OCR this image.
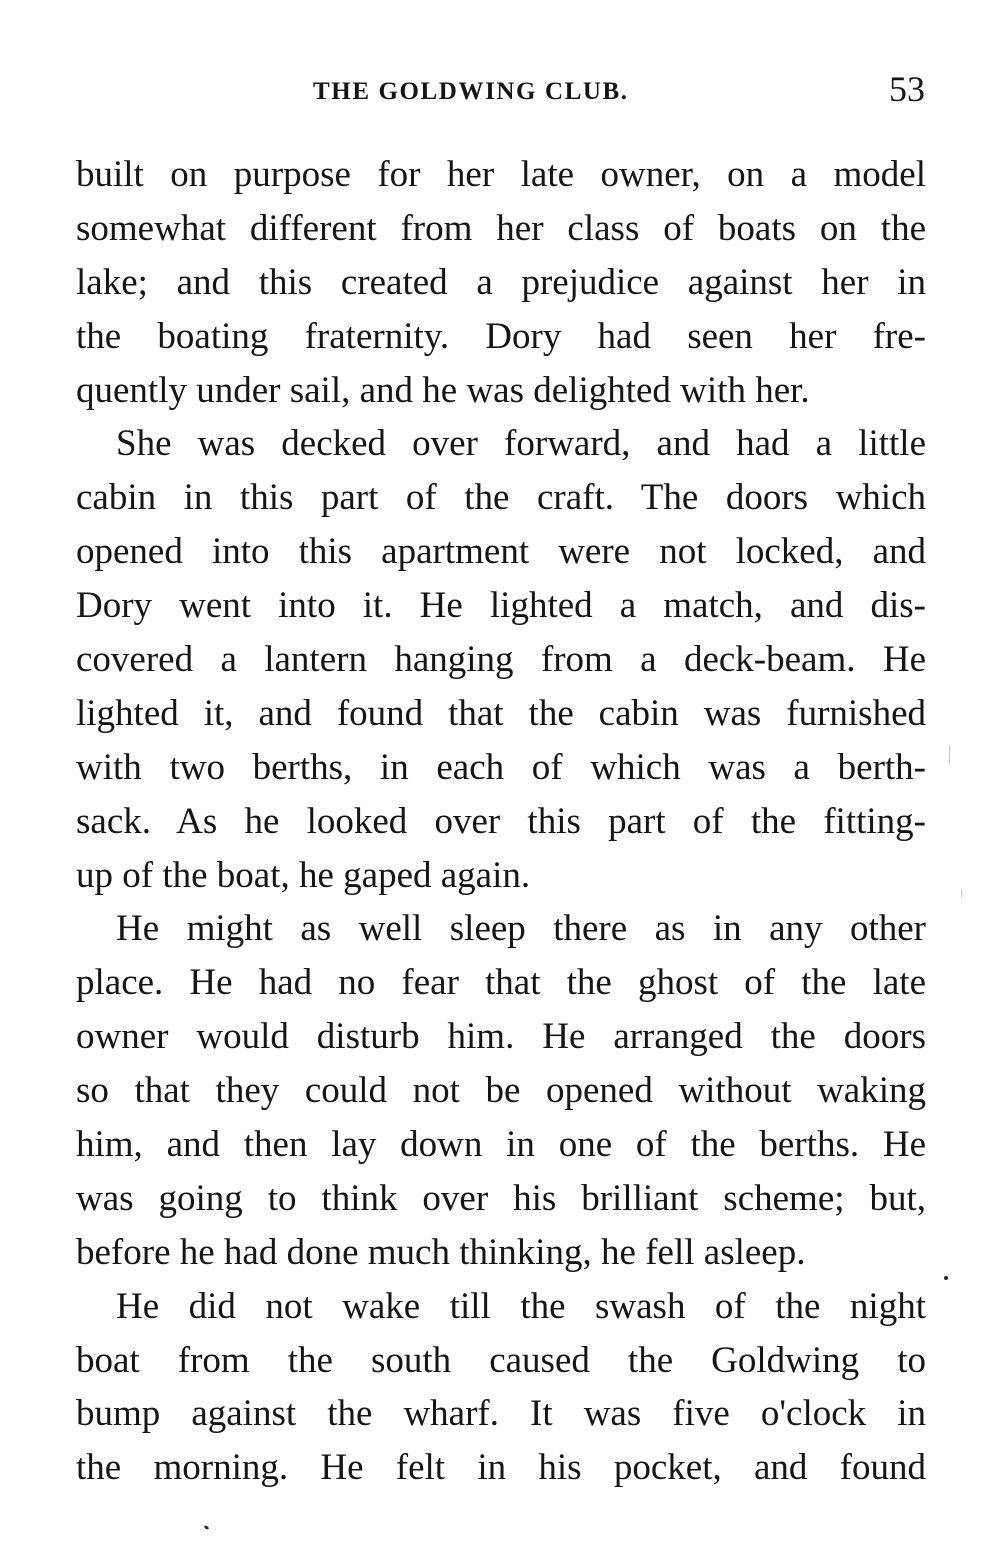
THE GOLDWING CLUB.	53

built on purpose for her late owner, on a model
somewhat different from her class of boats on the
lake; and this created a prejudice against her in
the boating fraternity. Dory had seen her fre-
quently under sail, and he was delighted with her.

She was decked over forward, and had a little
cabin in this part of the craft. The doors which
opened into this apartment were not locked, and
Dory went into it. He lighted a match, and dis-
covered a lantern hanging from a deck-beam. He
lighted it, and found that the cabin was furnished
with two berths, in each of which was a berth-
sack. As he looked over this part of the fitting-
up of the boat, he gaped again.

He might as well sleep there as in any other
place. He had no fear that the ghost of the late
owner would disturb him. He arranged the doors
so that they could not be opened without waking
him, and then lay down in one of the berths. He
was going to think over his brilliant scheme; but,
before he had done much thinking, he fell asleep.

He did not wake till the swash of the night
boat from the south caused the Goldwing to
bump against the wharf. It was five o'clock in
the morning. He felt in his pocket, and found
